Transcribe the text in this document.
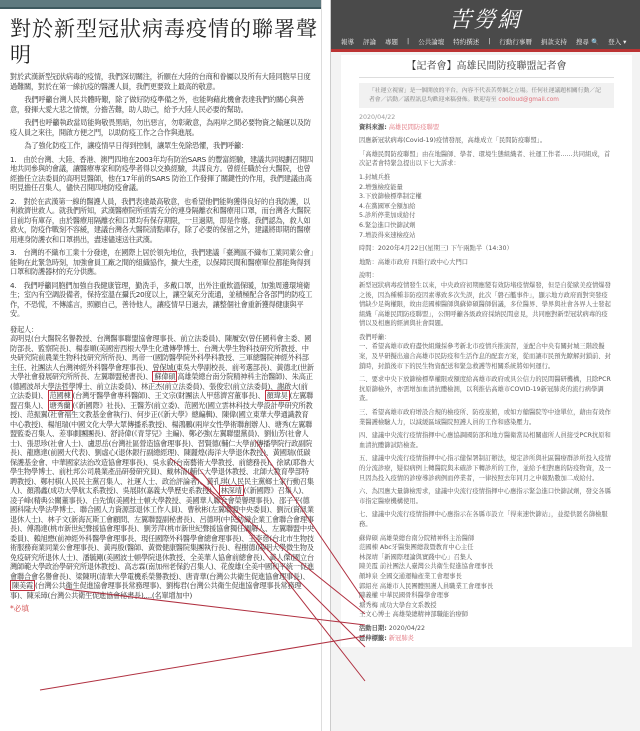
對於新型冠狀病毒疫情的聯署聲明

對於武漢新型冠狀病毒的疫情，我們深切關注，祈願在大陸的台商和眷屬以及所有大陸同胞早日度過難關，對於在第一線抗疫的醫護人員，我們更要致上最高的敬意。

我們呼籲台灣人民共體時艱，除了做好防疫準備之外，也能夠藉此機會表達我們的關心與善意，發揮大愛大悲之情懷，分擔苦難，助人助己，給予大陸人民必要的幫助。

我們也呼籲執政當局能夠敬畏黑暗，勿出惡言，勿彰敵意，為兩岸之間必要物資之輸運以及防疫人員之來往，開啟方便之門，以助防疫工作之合作與進展。

為了強化防疫工作，讓疫情早日得到控制，讓眾生免除恐懼，我們呼籲：

1.　由於台灣、大陸、香港、澳門四地在2003年均有防治SARS 的豐富經驗，建議共同規劃召開四地共同參與的會議，讓醫療專家和防疫學者得以交換經驗，共謀良方。曾經任職於台大醫院，也曾經擔任立法委員的高明見醫師，他在17年前的SARS 防治工作發揮了關鍵性的作用，我們建議由高明見擔任召集人，儘快召開四地防疫會議。

2.　對於在武漢第一線的醫護人員，我們表達最高敬意，也希望他們能夠獲得良好的自我防護，以利救濟世救人。就我們所知，武漢醫療院所亟需充分的連身隔離衣和醫療用口罩，而台灣各大醫院目前均有庫存，由於醫療用隔離衣和口罩均有保存期限，一旦過期，即是作廢。我們認為，救人如救火，防疫作戰刻不容緩，建議台灣各大醫院清點庫存，除了必要的保留之外，建議將即期的醫療用連身防護衣和口罩捐出，盡速儘速送往武漢。

3.　台灣的不織布工業十分發達，在國際上居於領先地位，我們建議「臺灣區不織布工業同業公會」能夠在此緊急時刻，加強會員工廠之間的組織協作，擴大生產，以保障民間和醫療單位都能夠得到口罩和防護器材的充分供應。

4.　我們呼籲同胞們加強自我健康管理，勤洗手，多戴口罩，出外注重飲溫保暖，加強周邊環境衛生；室內有空調設備者，保持室溫在攝氏20度以上，讓空氣充分流通，並積極配合各部門的防疫工作，不恐慌，不傳謠言，照顧自己，善待他人，讓疫情早日過去，讓整個社會重新獲得健康與平安。

發起人：

高明見(台大醫院名譽教授、台灣醫事聯盟協會理事長、前立法委員)、陳履安(曾任國科會主委、國防部長、監察院長)、楊泰順(美國密西根大學生化遺傳學博士、台灣大學生物科技研究所教授、中央研究院前農業生物科技研究所所長)、馬帝一(國防醫學院外科學科教授、三軍總醫院神經外科部主任、社團法人台灣神經外科醫學會理事長)、曾保城(東吳大學副校長、前考選部長)、黃德北(世新大學社會發展研究所所長、左翼聯盟秘書長)、 蘇偉碩 高雄榮總台南分院精神科主治醫師)、朱高正(德國波昂大學法哲學博士、前立法委員)、林正杰(前立法委員)、張俊宏(前立法委員)、謝啟大(前立法委員)、 范國棟 (台灣牙醫學會專科醫師)、王文宗(財團法人甲慈濟宮董事長)、 顏瑋昊 (左翼聯盟召集人)、 塘秀蘭 (《新國際》社長)、王醫芳(前立委)、范國光(國立雲林科技大學設計學研究所教授)、范振翼(社會福生文教基金會執行)、何步正(《新大學》總編輯)、陳偉(國立東華大學通識教育中心教授)、楊旭瑞(中國文化大學大眾傳播系教授)、楊鴻鵬(兩岸女性學術聯創辦人)、塘秀(左翼聯盟監委召集人、差事劇團團長)、舒詩偉(《青芽兒》主編)、鄭必強(左翼聯盟黨員)、劉仙芳(社會人士)、張思珍(社會人士)、盧思岳(台灣社區營造協會理事長)、習賢德(輔仁大學前傳播學院行政副院長)、龍應達(前國大代表)、劉虛心(退休銀行副總經理)、陳麗煌(海洋大學退休教授)、黃國瑞(低碳保護基金會、中華國家法治改造協會理事長)、吳永毅(台南藝術大學教授、前總務長)、徐斌(耶魯大學生物學博士、前杜邦公司農業產品研發研究員)、戴林清(輔仁大學退休教授、北師大教育學部特聘教授)、鄭村棋(人民民主黨召集人、社運人士、政治評論者)、黃孔琪(人民民主黨鄉土家行動召集人)、顏鴻鑫(成功大學航太系教授)、吳展財(嘉義大學歷史系教授)、 林深靖 (《新國際》召集人)、凌子峰(精典公關董事長)、白先慎(美國杜士頓大學教授、美國華人聯合會榮譽理事長)、邵子平(德國科隆大學法學博士、聯合國人力資源部退休工作人員)、曹秋彬(左翼聯盟中央委員)、劉沅(資訊業退休人士)、林子文(新海瓦斯工會顧問、左翼聯盟副秘書長)、呂德明(中民紡織企業工會聯合會理事長)、傅鴻達(桃市新世紀聲援協會理事長)、劉芳萍(桃市新世紀聲援協會獨任調解人、左翼聯盟中央委員)、賴旭懋(前神經外科醫學會理事長、現任國際外科醫學會總會理事長)、王李慈(台北市生物技術服務商業同業公會理事長)、黃再殷(醫師、黃微健康醫院集團執行長)、程樹德(陽明大學微生物及免疫研究所退休人士)、潘毓剛(美國波士頓學院退休教授、全美華人協會前總會長)、黃人傑(國立台灣師範大學政治學研究所退休教授)、高志霖(南加州老保釣召集人)、花俊雄(全美中國和平統一促進會聯合會名譽會長)、梁陳明(清華大學電機系榮譽教授)、唐青華(台灣公共衛生促進協會理事長)、陳美霞 (台灣公共衛生促進協會理事長常務理事)、劉梅君(台灣公共衛生促進協會理事長常務理事)、陳采璋(台灣公共衛生促進協會秘書長)....(名單增加中)

*必填
苦勞網
報導 評論 專題 | 公共論壇 特約撰述 | 行動行事曆 捐款支持 搜尋 🔍 登入 ▾
【記者會】高雄民間防疫聯盟記者會
「社運立視窗」是一個開放的平台，內容不代表苦勞網之立場。任何社運議題相關行動／記者會／活動／議程訊息均歡迎來稿發佈。歡迎寄至 coolloud@gmail.com

2020/04/22

資料來源: 高雄民間防疫聯盟

因應新冠狀病毒(Covid-19)疫情發展，高雄成立「民間防疫聯盟」。

「高雄民間防疫聯盟」由在地醫師、學者、環境生態組織者、社運工作者......共同組成，首次記者會特緊急提出以下七大訴求：

1.封城兵推
2.增強檢疫能量
3.下放篩檢標準制定權
4.在黨國軍全額加給
5.診所停業加成給付
6.緊急進口快篩試劑
7.增設得來速檢疫站

時間：2020年4月22日(星期三) 下午兩點半（14:30）

地點：高雄市政府 四維行政中心大門口

說明：
新型冠狀病毒疫情發生以來，中央政府初期應變有效防堵疫情爆發，但是自從歐美疫情爆發之後，因為種種非防疫因素導致多次失誤，此次「磐石艦事件」，顯示地方政府面對突發疫情缺少足夠權限，故由范國棟醫師與蘇偉碩醫師倡議，多位醫界、學界與社會各界人士發起組織「高雄民間防疫聯盟」，公開呼籲各級政府採納民間意見，共同應對新型冠狀病毒的疫情以及相應的經濟與社會問題。

我們呼籲：

一、希望高雄市政府盡快組織採參考新北市疫情兵推演習，並配合中央有關封城三階段擬案，及早研擬出適合高雄市民防疫和生活作息的配套方案，從而讓市民預先瞭解封鎖前、封鎖時，封鎖後市下的民生物資配送和緊急救護等相關系統將如何運行。

二、要求中央下放篩檢標準權限或額度給高雄市政府或具公信力的民間醫研機構，且除PCR抗原篩檢外，亦需增加血清抗體檢測，以利推估高雄市COVID-19新冠肺炎的流行病學調查。

三、希望高雄市政府增設合規的檢疫所、防疫旅館，或如方艙醫院等中途單位，藉由有效作業醫護檢驗人力，以減緩區域醫院照護人員的工作和感染壓力。

四、建議中央流行疫情指揮中心應協調國防部和地方醫衛當局相關處所人員接受PCR抗原和血清抗體篩試陪檢查。

五、建議中央流行疫情指揮中心指示健保署制訂辦法，規定診所與社區醫療群診所投入疫情的分流診療，疑似病例上轉醫院與未確診下轉診所的工作，並給予相對應的防疫物資，及一旦因為投入疫情的診療導診病例而停業者，一律按照去年同月之申報點數加二成給付。

六、為因應大量篩檢需求，建議中央流行疫情指揮中心應指示緊急進口快篩試劑，發交各縣市指定醫療機構使用。

七、建議中央流行疫情指揮中心應指示在各縣市設立「得來速快篩站」，並提供匿名篩檢服務。

蘇偉碩 高雄榮總台南分院精神科主治醫師
范國棟 Abc牙醫集團總裁暨教育中心主任
林深靖「新國際理論與實踐中心」召集人
陳美霞 前社團法人臺灣公共衛生促進協會理事長
顏坤泉 全國交通運輸產業工會理事長
郭紹亮 高雄市人民團體照護人員職業工會理事長
陳義權 中華民國骨科醫學會理事
塘秀梅 成功大學台文系教授
王文心博士 高雄榮總精神部職能治療師

活動日期: 2020/04/22

延伸標籤: 新冠肺炎
